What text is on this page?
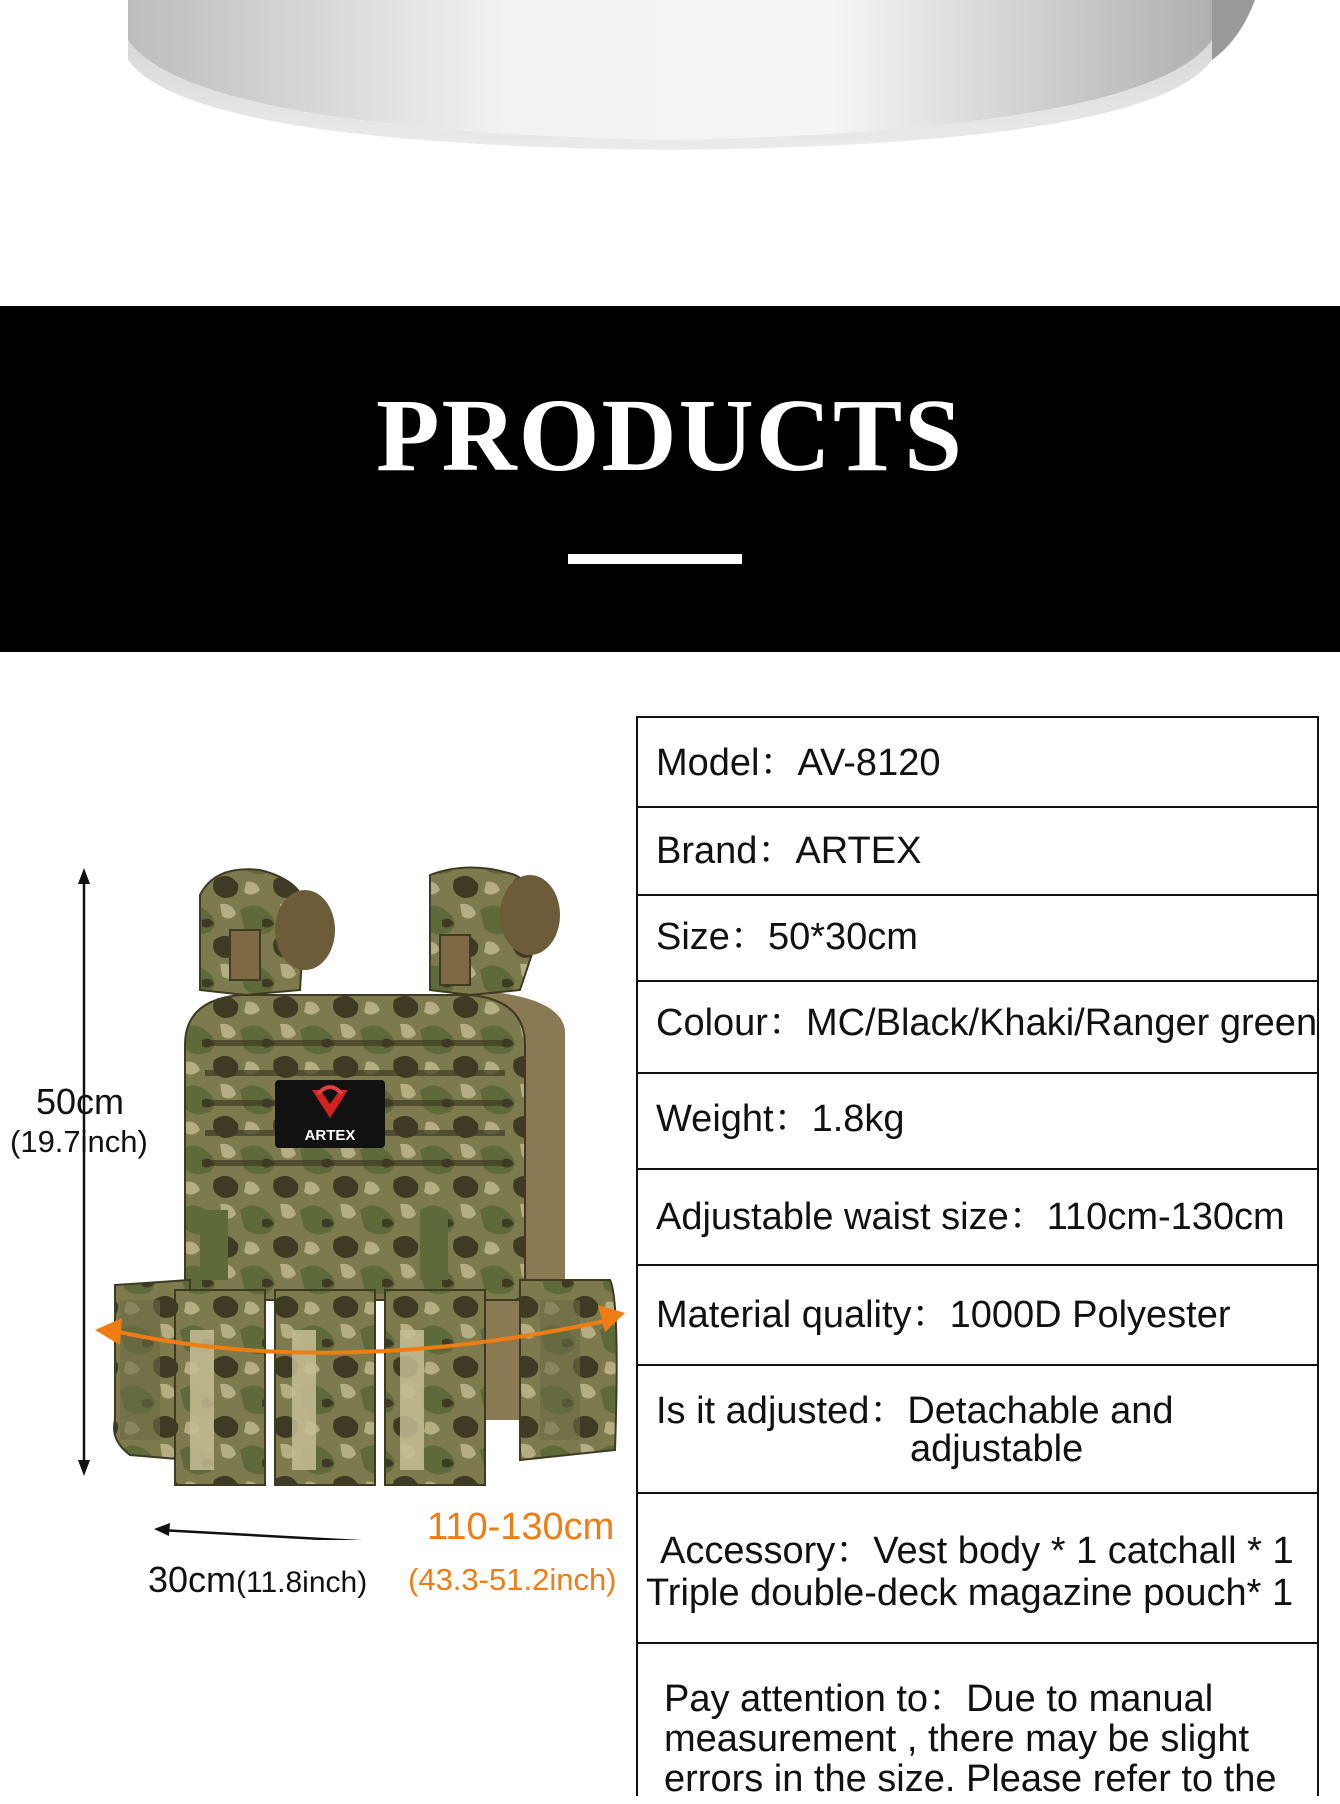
PRODUCTS
ARTEX
50cm
(19.7inch)
110-130cm
30cm(11.8inch) (43.3-51.2inch)
Model：AV-8120
Brand：ARTEX
Size：50*30cm
Colour：MC/Black/Khaki/Ranger green
Weight：1.8kg
Adjustable waist size：110cm-130cm
Material quality：1000D Polyester
Is it adjusted：Detachable and
adjustable
Accessory：Vest body * 1 catchall * 1
Triple double-deck magazine pouch* 1
Pay attention to：Due to manual
measurement , there may be slight
errors in the size. Please refer to the
